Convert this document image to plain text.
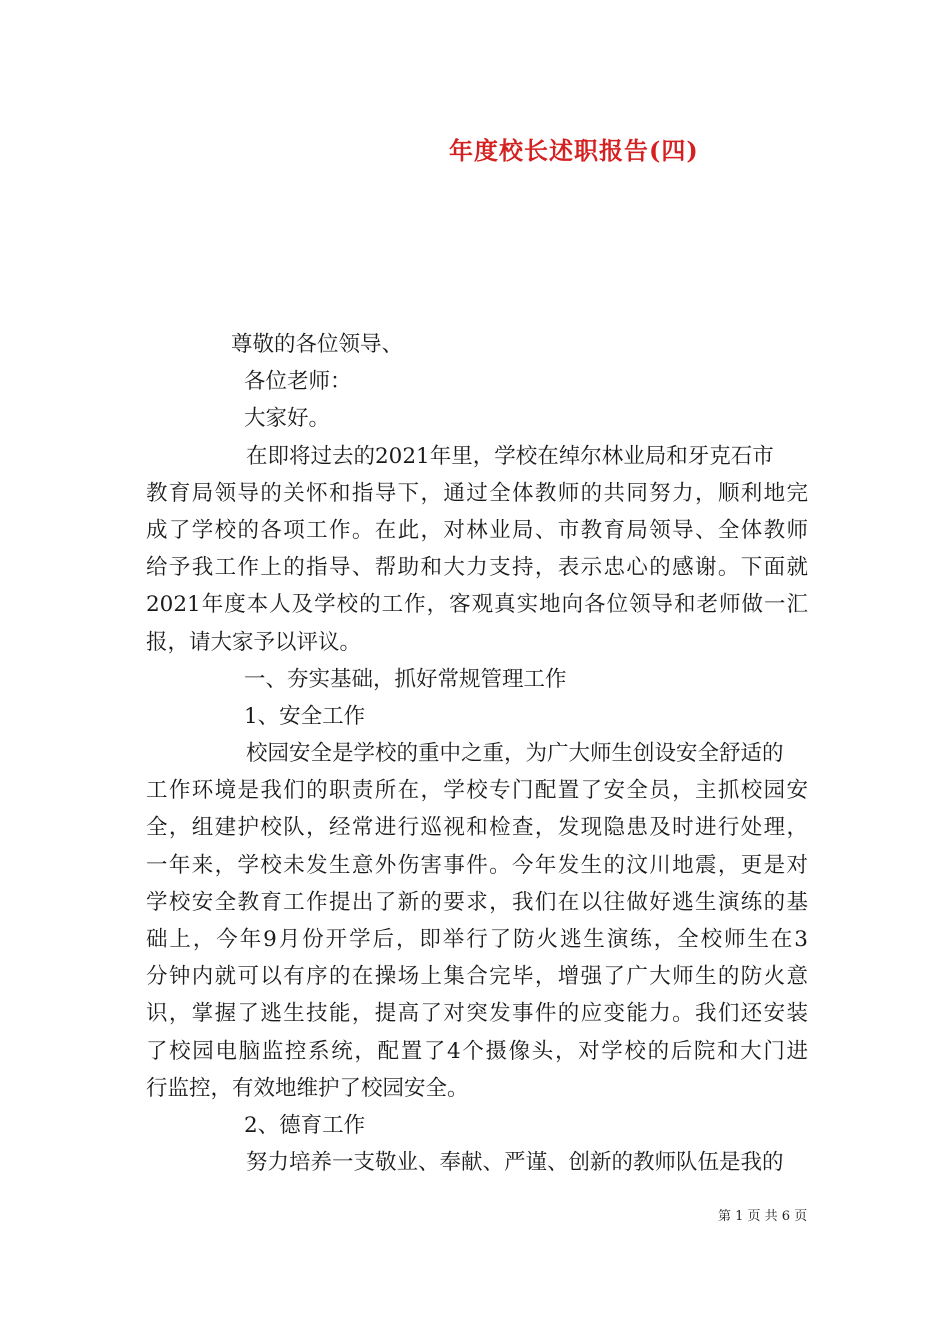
年度校长述职报告(四)
尊敬的各位领导、
各位老师：
大家好。
在即将过去的2021年里，学校在绰尔林业局和牙克石市
教育局领导的关怀和指导下，通过全体教师的共同努力，顺利地完
成了学校的各项工作。在此，对林业局、市教育局领导、全体教师
给予我工作上的指导、帮助和大力支持，表示忠心的感谢。下面就
2021年度本人及学校的工作，客观真实地向各位领导和老师做一汇
报，请大家予以评议。
一、夯实基础，抓好常规管理工作
1、安全工作
校园安全是学校的重中之重，为广大师生创设安全舒适的
工作环境是我们的职责所在，学校专门配置了安全员，主抓校园安
全，组建护校队，经常进行巡视和检查，发现隐患及时进行处理，
一年来，学校未发生意外伤害事件。今年发生的汶川地震，更是对
学校安全教育工作提出了新的要求，我们在以往做好逃生演练的基
础上，今年9月份开学后，即举行了防火逃生演练，全校师生在3
分钟内就可以有序的在操场上集合完毕，增强了广大师生的防火意
识，掌握了逃生技能，提高了对突发事件的应变能力。我们还安装
了校园电脑监控系统，配置了4个摄像头，对学校的后院和大门进
行监控，有效地维护了校园安全。
2、德育工作
努力培养一支敬业、奉献、严谨、创新的教师队伍是我的
第 1 页 共 6 页
